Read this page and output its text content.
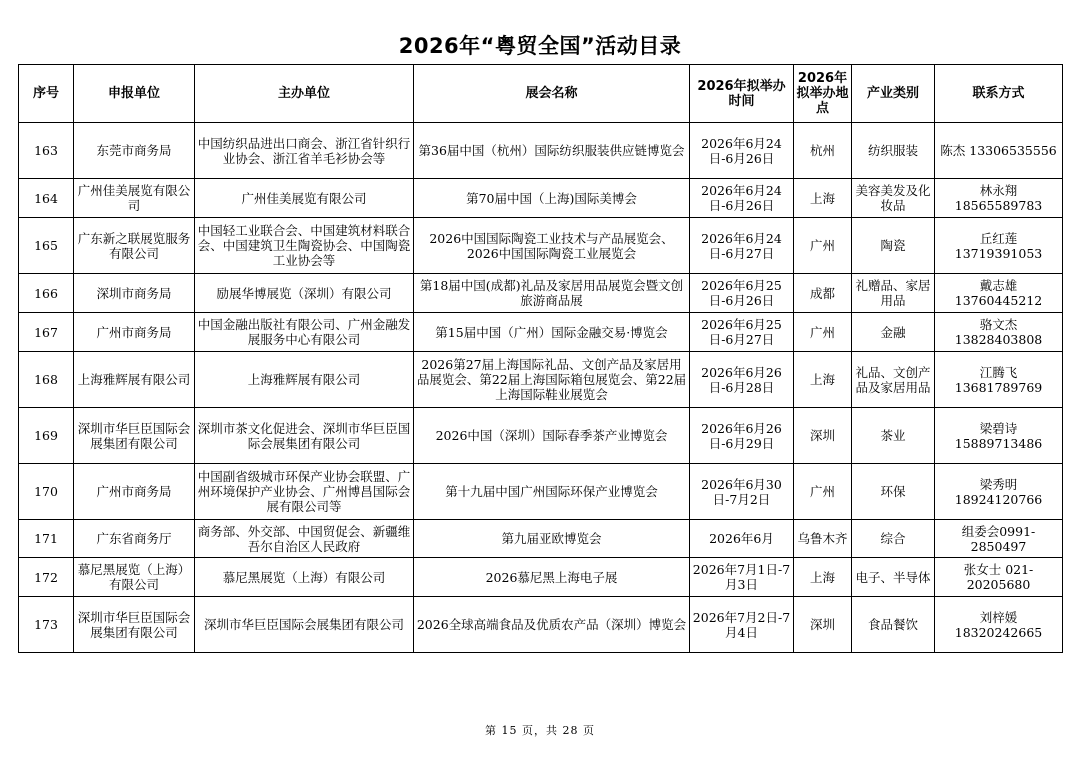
2026年“粤贸全国”活动目录
序号	申报单位	主办单位	展会名称	2026年拟举办时间	2026年拟举办地点	产业类别	联系方式
163	东莞市商务局	中国纺织品进出口商会、浙江省针织行业协会、浙江省羊毛衫协会等	第36届中国（杭州）国际纺织服装供应链博览会	2026年6月24日-6月26日	杭州	纺织服装	陈杰 13306535556
164	广州佳美展览有限公司	广州佳美展览有限公司	第70届中国（上海)国际美博会	2026年6月24日-6月26日	上海	美容美发及化妆品	林永翔 18565589783
165	广东新之联展览服务有限公司	中国轻工业联合会、中国建筑材料联合会、中国建筑卫生陶瓷协会、中国陶瓷工业协会等	2026中国国际陶瓷工业技术与产品展览会、2026中国国际陶瓷工业展览会	2026年6月24日-6月27日	广州	陶瓷	丘红莲 13719391053
166	深圳市商务局	励展华博展览（深圳）有限公司	第18届中国(成都)礼品及家居用品展览会暨文创旅游商品展	2026年6月25日-6月26日	成都	礼赠品、家居用品	戴志雄 13760445212
167	广州市商务局	中国金融出版社有限公司、广州金融发展服务中心有限公司	第15届中国（广州）国际金融交易·博览会	2026年6月25日-6月27日	广州	金融	骆文杰 13828403808
168	上海雅辉展有限公司	上海雅辉展有限公司	2026第27届上海国际礼品、文创产品及家居用品展览会、第22届上海国际箱包展览会、第22届上海国际鞋业展览会	2026年6月26日-6月28日	上海	礼品、文创产品及家居用品	江腾飞 13681789769
169	深圳市华巨臣国际会展集团有限公司	深圳市茶文化促进会、深圳市华巨臣国际会展集团有限公司	2026中国（深圳）国际春季茶产业博览会	2026年6月26日-6月29日	深圳	茶业	梁碧诗 15889713486
170	广州市商务局	中国副省级城市环保产业协会联盟、广州环境保护产业协会、广州博昌国际会展有限公司等	第十九届中国广州国际环保产业博览会	2026年6月30日-7月2日	广州	环保	梁秀明 18924120766
171	广东省商务厅	商务部、外交部、中国贸促会、新疆维吾尔自治区人民政府	第九届亚欧博览会	2026年6月	乌鲁木齐	综合	组委会0991-2850497
172	慕尼黑展览（上海）有限公司	慕尼黑展览（上海）有限公司	2026慕尼黑上海电子展	2026年7月1日-7月3日	上海	电子、半导体	张女士 021-20205680
173	深圳市华巨臣国际会展集团有限公司	深圳市华巨臣国际会展集团有限公司	2026全球高端食品及优质农产品（深圳）博览会	2026年7月2日-7月4日	深圳	食品餐饮	刘梓媛 18320242665
第 15 页，共 28 页
